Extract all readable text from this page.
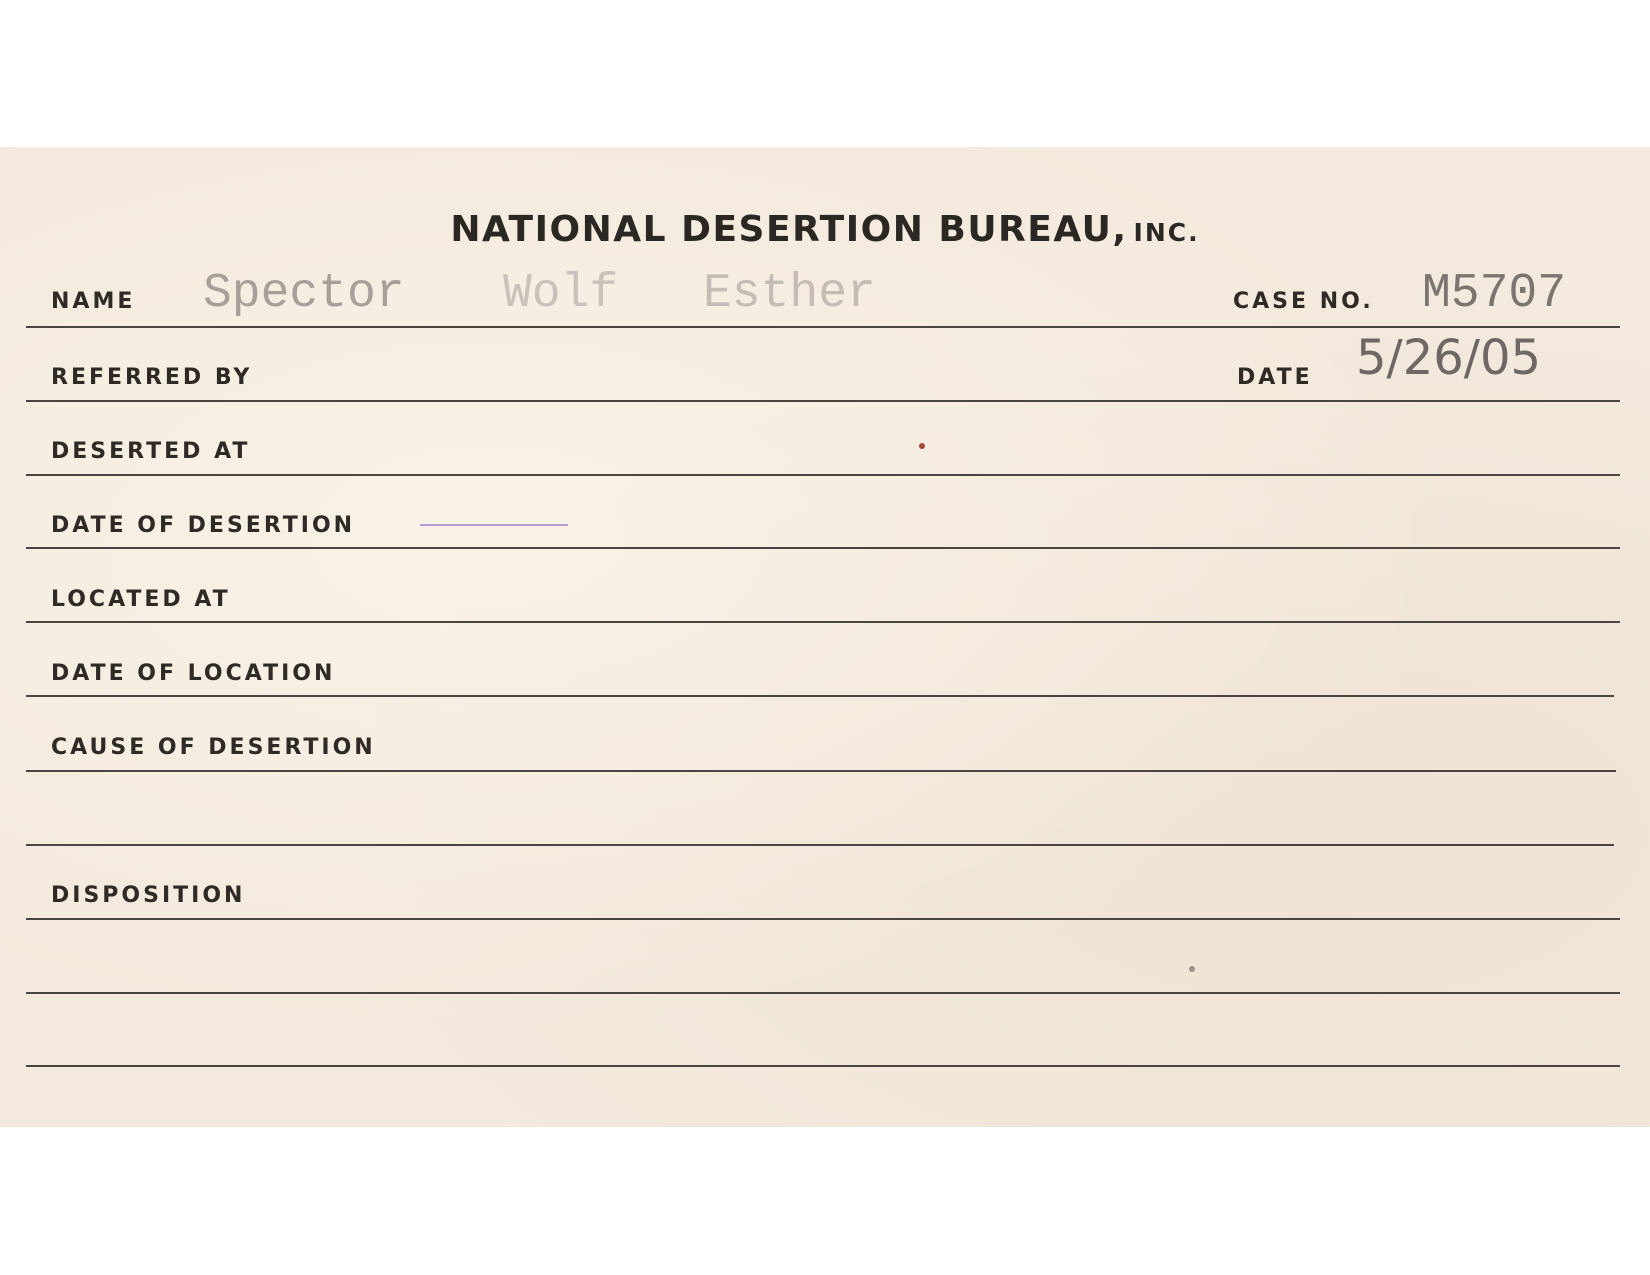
NATIONAL DESERTION BUREAU, INC.
NAME Spector Wolf Esther	CASE NO. M5707
REFERRED BY	DATE 5/26/05
DESERTED AT
DATE OF DESERTION
LOCATED AT
DATE OF LOCATION
CAUSE OF DESERTION
DISPOSITION
